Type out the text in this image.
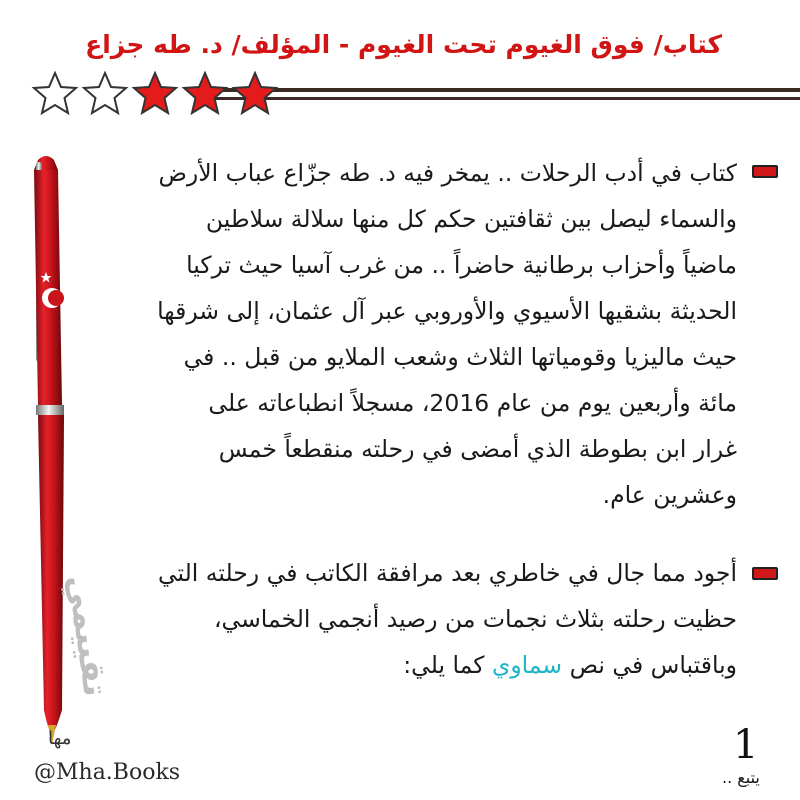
كتاب/ فوق الغيوم تحت الغيوم - المؤلف/ د. طه جزاع
تقييمي
كتاب في أدب الرحلات .. يمخر فيه د. طه جزّاع عباب الأرض
والسماء ليصل بين ثقافتين حكم كل منها سلالة سلاطين
ماضياً وأحزاب برطانية حاضراً .. من غرب آسيا حيث تركيا
الحديثة بشقيها الأسيوي والأوروبي عبر آل عثمان، إلى شرقها
حيث ماليزيا وقومياتها الثلاث وشعب الملايو من قبل .. في
مائة وأربعين يوم من عام 2016، مسجلاً انطباعاته على
غرار ابن بطوطة الذي أمضى في رحلته منقطعاً خمس
وعشرين عام.
أجود مما جال في خاطري بعد مرافقة الكاتب في رحلته التي
حظيت رحلته بثلاث نجمات من رصيد أنجمي الخماسي،
وباقتباس في نص سماوي كما يلي:
مها
@Mha.Books
1
يتبع ..
